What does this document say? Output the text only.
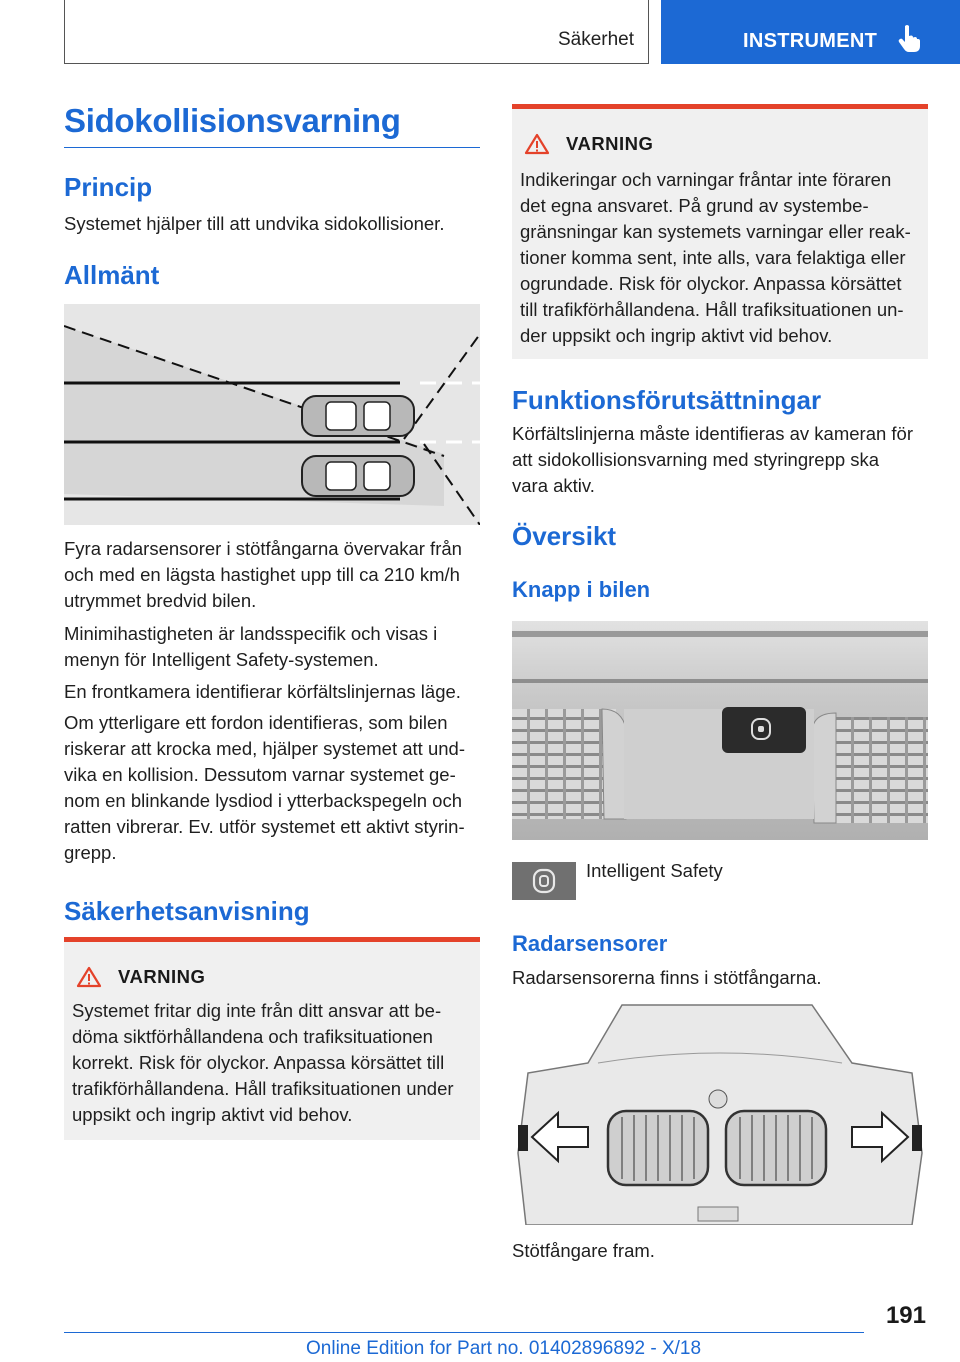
Säkerhet	INSTRUMENT
Sidokollisionsvarning
Princip

Systemet hjälper till att undvika sidokollisioner.

Allmänt

Fyra radarsensorer i stötfångarna övervakar från
och med en lägsta hastighet upp till ca 210 km/h
utrymmet bredvid bilen.

Minimihastigheten är landsspecifik och visas i
menyn för Intelligent Safety-systemen.

En frontkamera identifierar körfältslinjernas läge.

Om ytterligare ett fordon identifieras, som bilen
riskerar att krocka med, hjälper systemet att und-
vika en kollision. Dessutom varnar systemet ge-
nom en blinkande lysdiod i ytterbackspegeln och
ratten vibrerar. Ev. utför systemet ett aktivt styrin-
grepp.

Säkerhetsanvisning
VARNING
Systemet fritar dig inte från ditt ansvar att be-
döma siktförhållandena och trafiksituationen
korrekt. Risk för olyckor. Anpassa körsättet till
trafikförhållandena. Håll trafiksituationen under
uppsikt och ingrip aktivt vid behov.
VARNING
Indikeringar och varningar fråntar inte föraren
det egna ansvaret. På grund av systembe-
gränsningar kan systemets varningar eller reak-
tioner komma sent, inte alls, vara felaktiga eller
ogrundade. Risk för olyckor. Anpassa körsättet
till trafikförhållandena. Håll trafiksituationen un-
der uppsikt och ingrip aktivt vid behov.
Funktionsförutsättningar

Körfältslinjerna måste identifieras av kameran för
att sidokollisionsvarning med styringrepp ska
vara aktiv.

Översikt
Knapp i bilen

Intelligent Safety

Radarsensorer

Radarsensorerna finns i stötfångarna.

Stötfångare fram.

191
Online Edition for Part no. 01402896892 - X/18
